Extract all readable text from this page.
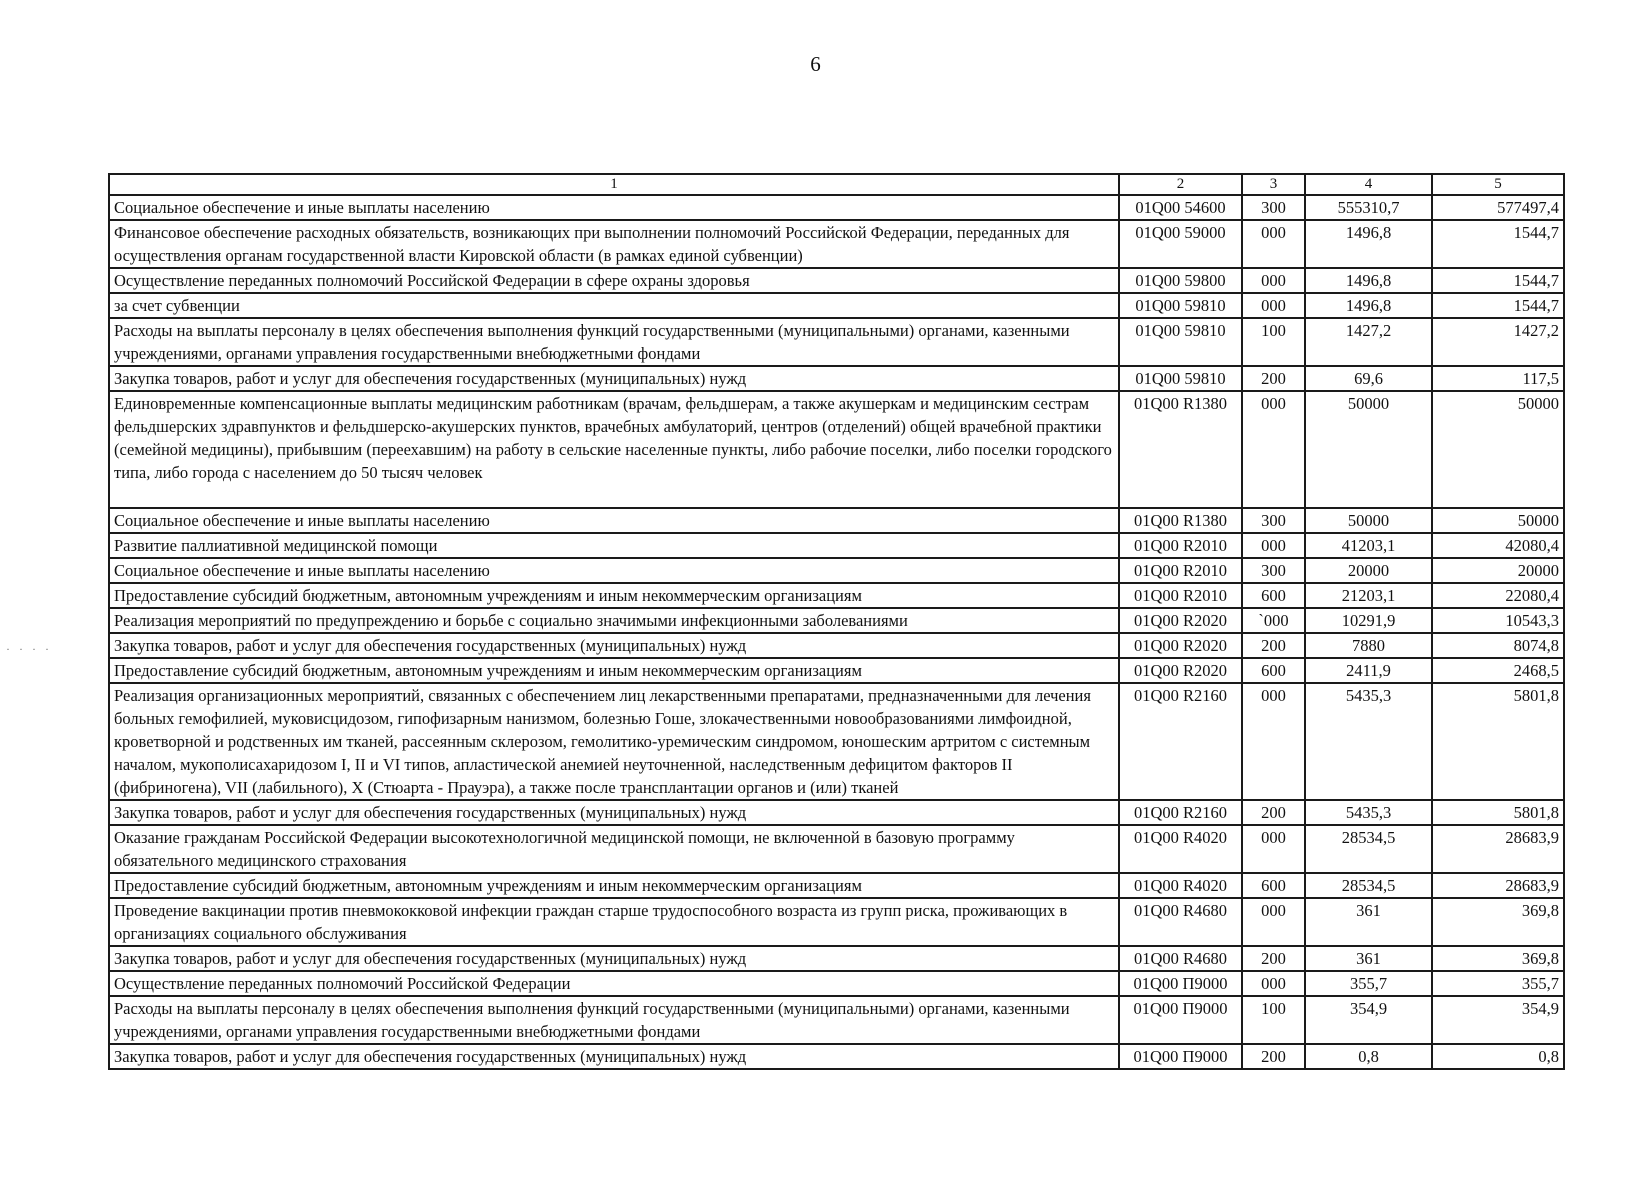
6
· · · ·
1	2	3	4	5
Социальное обеспечение и иные выплаты населению	01Q00 54600	300	555310,7	577497,4
Финансовое обеспечение расходных обязательств, возникающих при выполнении полномочий Российской Федерации, переданных для осуществления органам государственной власти Кировской области (в рамках единой субвенции)	01Q00 59000	000	1496,8	1544,7
Осуществление переданных полномочий Российской Федерации в сфере охраны здоровья	01Q00 59800	000	1496,8	1544,7
за счет субвенции	01Q00 59810	000	1496,8	1544,7
Расходы на выплаты персоналу в целях обеспечения выполнения функций государственными (муниципальными) органами, казенными учреждениями, органами управления государственными внебюджетными фондами	01Q00 59810	100	1427,2	1427,2
Закупка товаров, работ и услуг для обеспечения государственных (муниципальных) нужд	01Q00 59810	200	69,6	117,5
Единовременные компенсационные выплаты медицинским работникам (врачам, фельдшерам, а также акушеркам и медицинским сестрам фельдшерских здравпунктов и фельдшерско-акушерских пунктов, врачебных амбулаторий, центров (отделений) общей врачебной практики (семейной медицины), прибывшим (переехавшим) на работу в сельские населенные пункты, либо рабочие поселки, либо поселки городского типа, либо города с населением до 50 тысяч человек	01Q00 R1380	000	50000	50000
Социальное обеспечение и иные выплаты населению	01Q00 R1380	300	50000	50000
Развитие паллиативной медицинской помощи	01Q00 R2010	000	41203,1	42080,4
Социальное обеспечение и иные выплаты населению	01Q00 R2010	300	20000	20000
Предоставление субсидий бюджетным, автономным учреждениям и иным некоммерческим организациям	01Q00 R2010	600	21203,1	22080,4
Реализация мероприятий по предупреждению и борьбе с социально значимыми инфекционными заболеваниями	01Q00 R2020	`000	10291,9	10543,3
Закупка товаров, работ и услуг для обеспечения государственных (муниципальных) нужд	01Q00 R2020	200	7880	8074,8
Предоставление субсидий бюджетным, автономным учреждениям и иным некоммерческим организациям	01Q00 R2020	600	2411,9	2468,5
Реализация организационных мероприятий, связанных с обеспечением лиц лекарственными препаратами, предназначенными для лечения больных гемофилией, муковисцидозом, гипофизарным нанизмом, болезнью Гоше, злокачественными новообразованиями лимфоидной, кроветворной и родственных им тканей, рассеянным склерозом, гемолитико-уремическим синдромом, юношеским артритом с системным началом, мукополисахаридозом I, II и VI типов, апластической анемией неуточненной, наследственным дефицитом факторов II (фибриногена), VII (лабильного), X (Стюарта - Прауэра), а также после трансплантации органов и (или) тканей	01Q00 R2160	000	5435,3	5801,8
Закупка товаров, работ и услуг для обеспечения государственных (муниципальных) нужд	01Q00 R2160	200	5435,3	5801,8
Оказание гражданам Российской Федерации высокотехнологичной медицинской помощи, не включенной в базовую программу обязательного медицинского страхования	01Q00 R4020	000	28534,5	28683,9
Предоставление субсидий бюджетным, автономным учреждениям и иным некоммерческим организациям	01Q00 R4020	600	28534,5	28683,9
Проведение вакцинации против пневмококковой инфекции граждан старше трудоспособного возраста из групп риска, проживающих в организациях социального обслуживания	01Q00 R4680	000	361	369,8
Закупка товаров, работ и услуг для обеспечения государственных (муниципальных) нужд	01Q00 R4680	200	361	369,8
Осуществление переданных полномочий Российской Федерации	01Q00 П9000	000	355,7	355,7
Расходы на выплаты персоналу в целях обеспечения выполнения функций государственными (муниципальными) органами, казенными учреждениями, органами управления государственными внебюджетными фондами	01Q00 П9000	100	354,9	354,9
Закупка товаров, работ и услуг для обеспечения государственных (муниципальных) нужд	01Q00 П9000	200	0,8	0,8
